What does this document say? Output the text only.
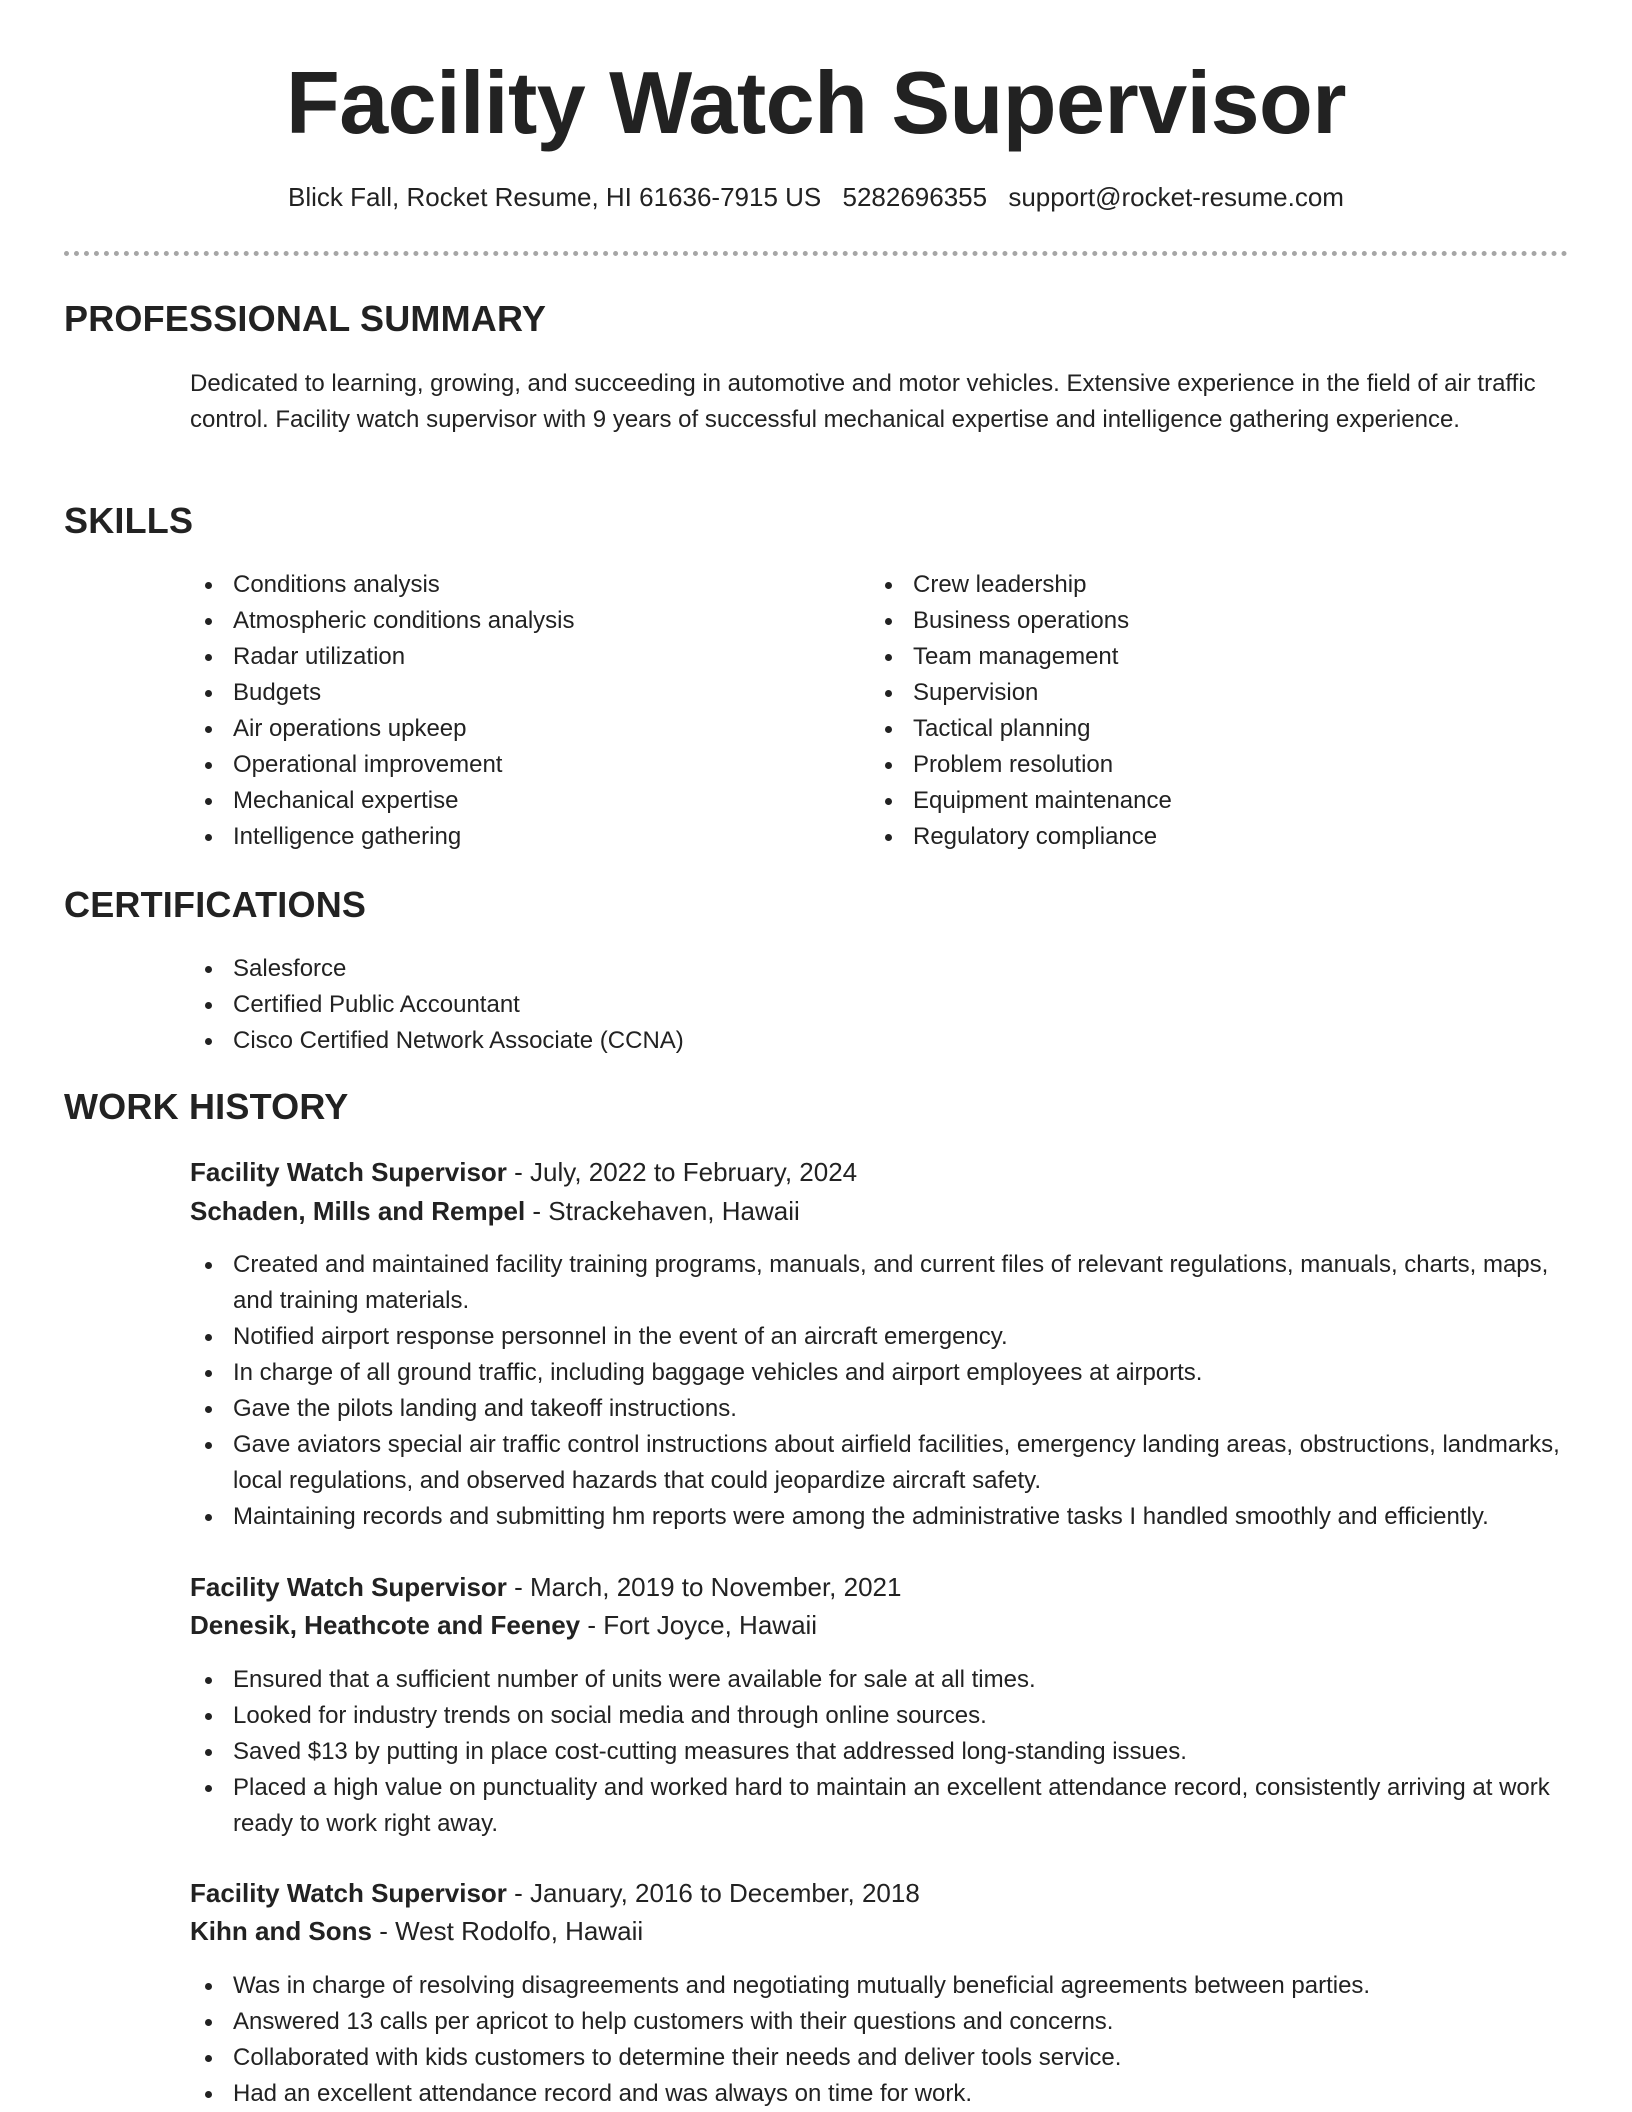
Facility Watch Supervisor
Blick Fall, Rocket Resume, HI 61636-7915 US 5282696355 support@rocket-resume.com
PROFESSIONAL SUMMARY
Dedicated to learning, growing, and succeeding in automotive and motor vehicles. Extensive experience in the field of air traffic control. Facility watch supervisor with 9 years of successful mechanical expertise and intelligence gathering experience.
SKILLS
Conditions analysis
Atmospheric conditions analysis
Radar utilization
Budgets
Air operations upkeep
Operational improvement
Mechanical expertise
Intelligence gathering
Crew leadership
Business operations
Team management
Supervision
Tactical planning
Problem resolution
Equipment maintenance
Regulatory compliance
CERTIFICATIONS
Salesforce
Certified Public Accountant
Cisco Certified Network Associate (CCNA)
WORK HISTORY
Facility Watch Supervisor - July, 2022 to February, 2024
Schaden, Mills and Rempel - Strackehaven, Hawaii
Created and maintained facility training programs, manuals, and current files of relevant regulations, manuals, charts, maps, and training materials.
Notified airport response personnel in the event of an aircraft emergency.
In charge of all ground traffic, including baggage vehicles and airport employees at airports.
Gave the pilots landing and takeoff instructions.
Gave aviators special air traffic control instructions about airfield facilities, emergency landing areas, obstructions, landmarks, local regulations, and observed hazards that could jeopardize aircraft safety.
Maintaining records and submitting hm reports were among the administrative tasks I handled smoothly and efficiently.
Facility Watch Supervisor - March, 2019 to November, 2021
Denesik, Heathcote and Feeney - Fort Joyce, Hawaii
Ensured that a sufficient number of units were available for sale at all times.
Looked for industry trends on social media and through online sources.
Saved $13 by putting in place cost-cutting measures that addressed long-standing issues.
Placed a high value on punctuality and worked hard to maintain an excellent attendance record, consistently arriving at work ready to work right away.
Facility Watch Supervisor - January, 2016 to December, 2018
Kihn and Sons - West Rodolfo, Hawaii
Was in charge of resolving disagreements and negotiating mutually beneficial agreements between parties.
Answered 13 calls per apricot to help customers with their questions and concerns.
Collaborated with kids customers to determine their needs and deliver tools service.
Had an excellent attendance record and was always on time for work.
